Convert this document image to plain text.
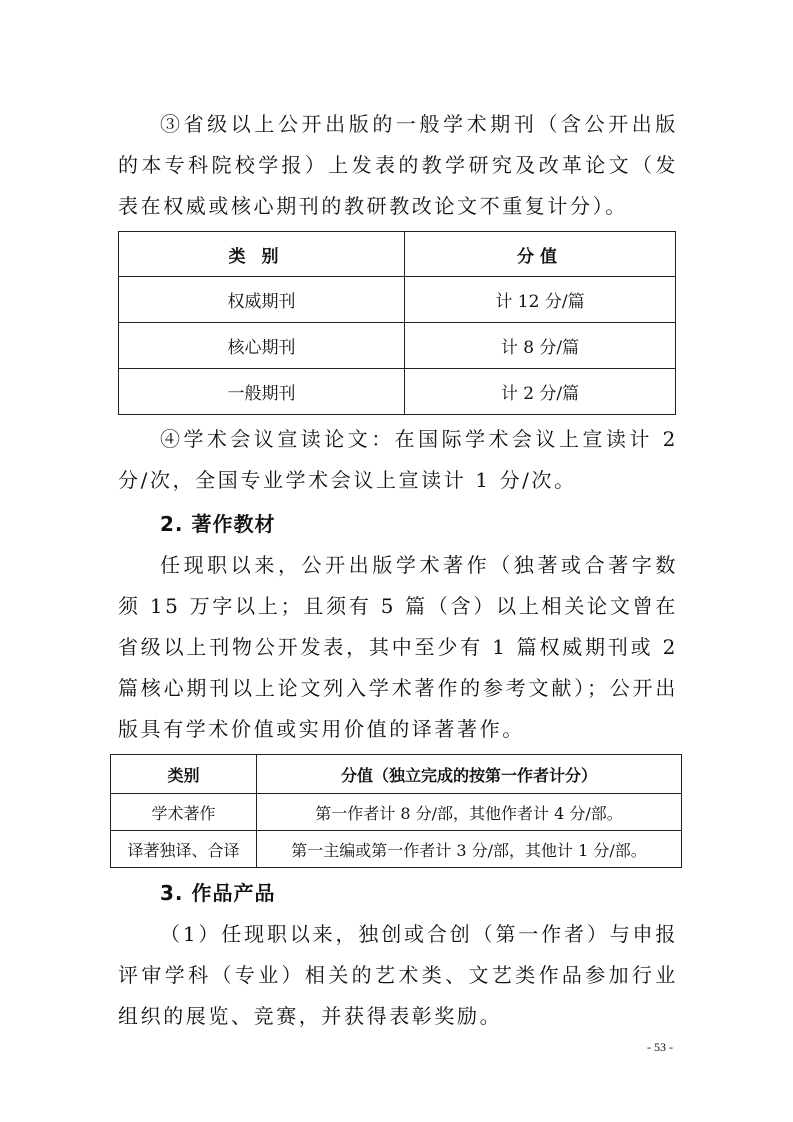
③省级以上公开出版的一般学术期刊（含公开出版的本专科院校学报）上发表的教学研究及改革论文（发表在权威或核心期刊的教研教改论文不重复计分）。

类别	分值
权威期刊	计 12 分/篇
核心期刊	计 8 分/篇
一般期刊	计 2 分/篇

④学术会议宣读论文：在国际学术会议上宣读计 2 分/次，全国专业学术会议上宣读计 1 分/次。

2. 著作教材

任现职以来，公开出版学术著作（独著或合著字数须 15 万字以上；且须有 5 篇（含）以上相关论文曾在省级以上刊物公开发表，其中至少有 1 篇权威期刊或 2 篇核心期刊以上论文列入学术著作的参考文献）；公开出版具有学术价值或实用价值的译著著作。

类别	分值（独立完成的按第一作者计分）
学术著作	第一作者计 8 分/部，其他作者计 4 分/部。
译著独译、合译	第一主编或第一作者计 3 分/部，其他计 1 分/部。
3. 作品产品

（1）任现职以来，独创或合创（第一作者）与申报评审学科（专业）相关的艺术类、文艺类作品参加行业组织的展览、竞赛，并获得表彰奖励。

- 53 -
